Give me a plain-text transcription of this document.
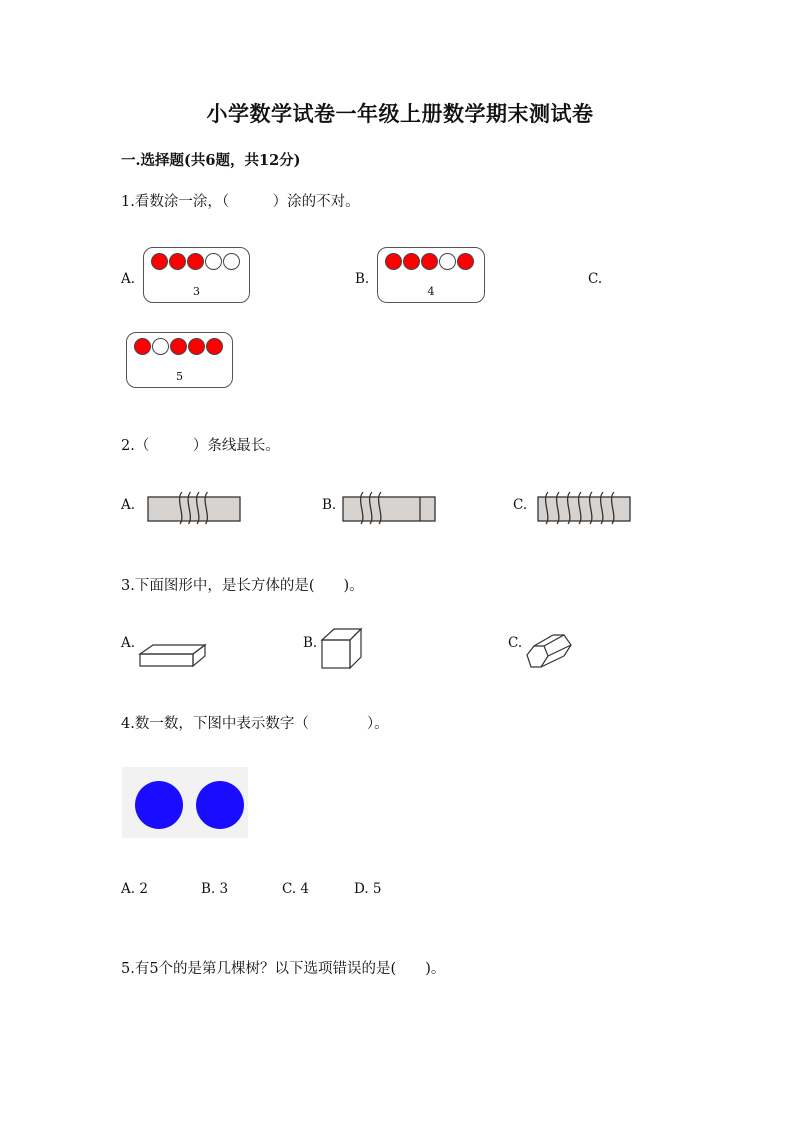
小学数学试卷一年级上册数学期末测试卷
一.选择题(共6题，共12分)
1.看数涂一涂，（　　　）涂的不对。
A.
3
B.
4
C.
5
2.（　　　）条线最长。
A.	B.	C.
3.下面图形中，是长方体的是(　　)。
A.	B.	C.
4.数一数，下图中表示数字（　　　　）。
A. 2	B. 3	C. 4	D. 5
5.有5个的是第几棵树？以下选项错误的是(　　)。
